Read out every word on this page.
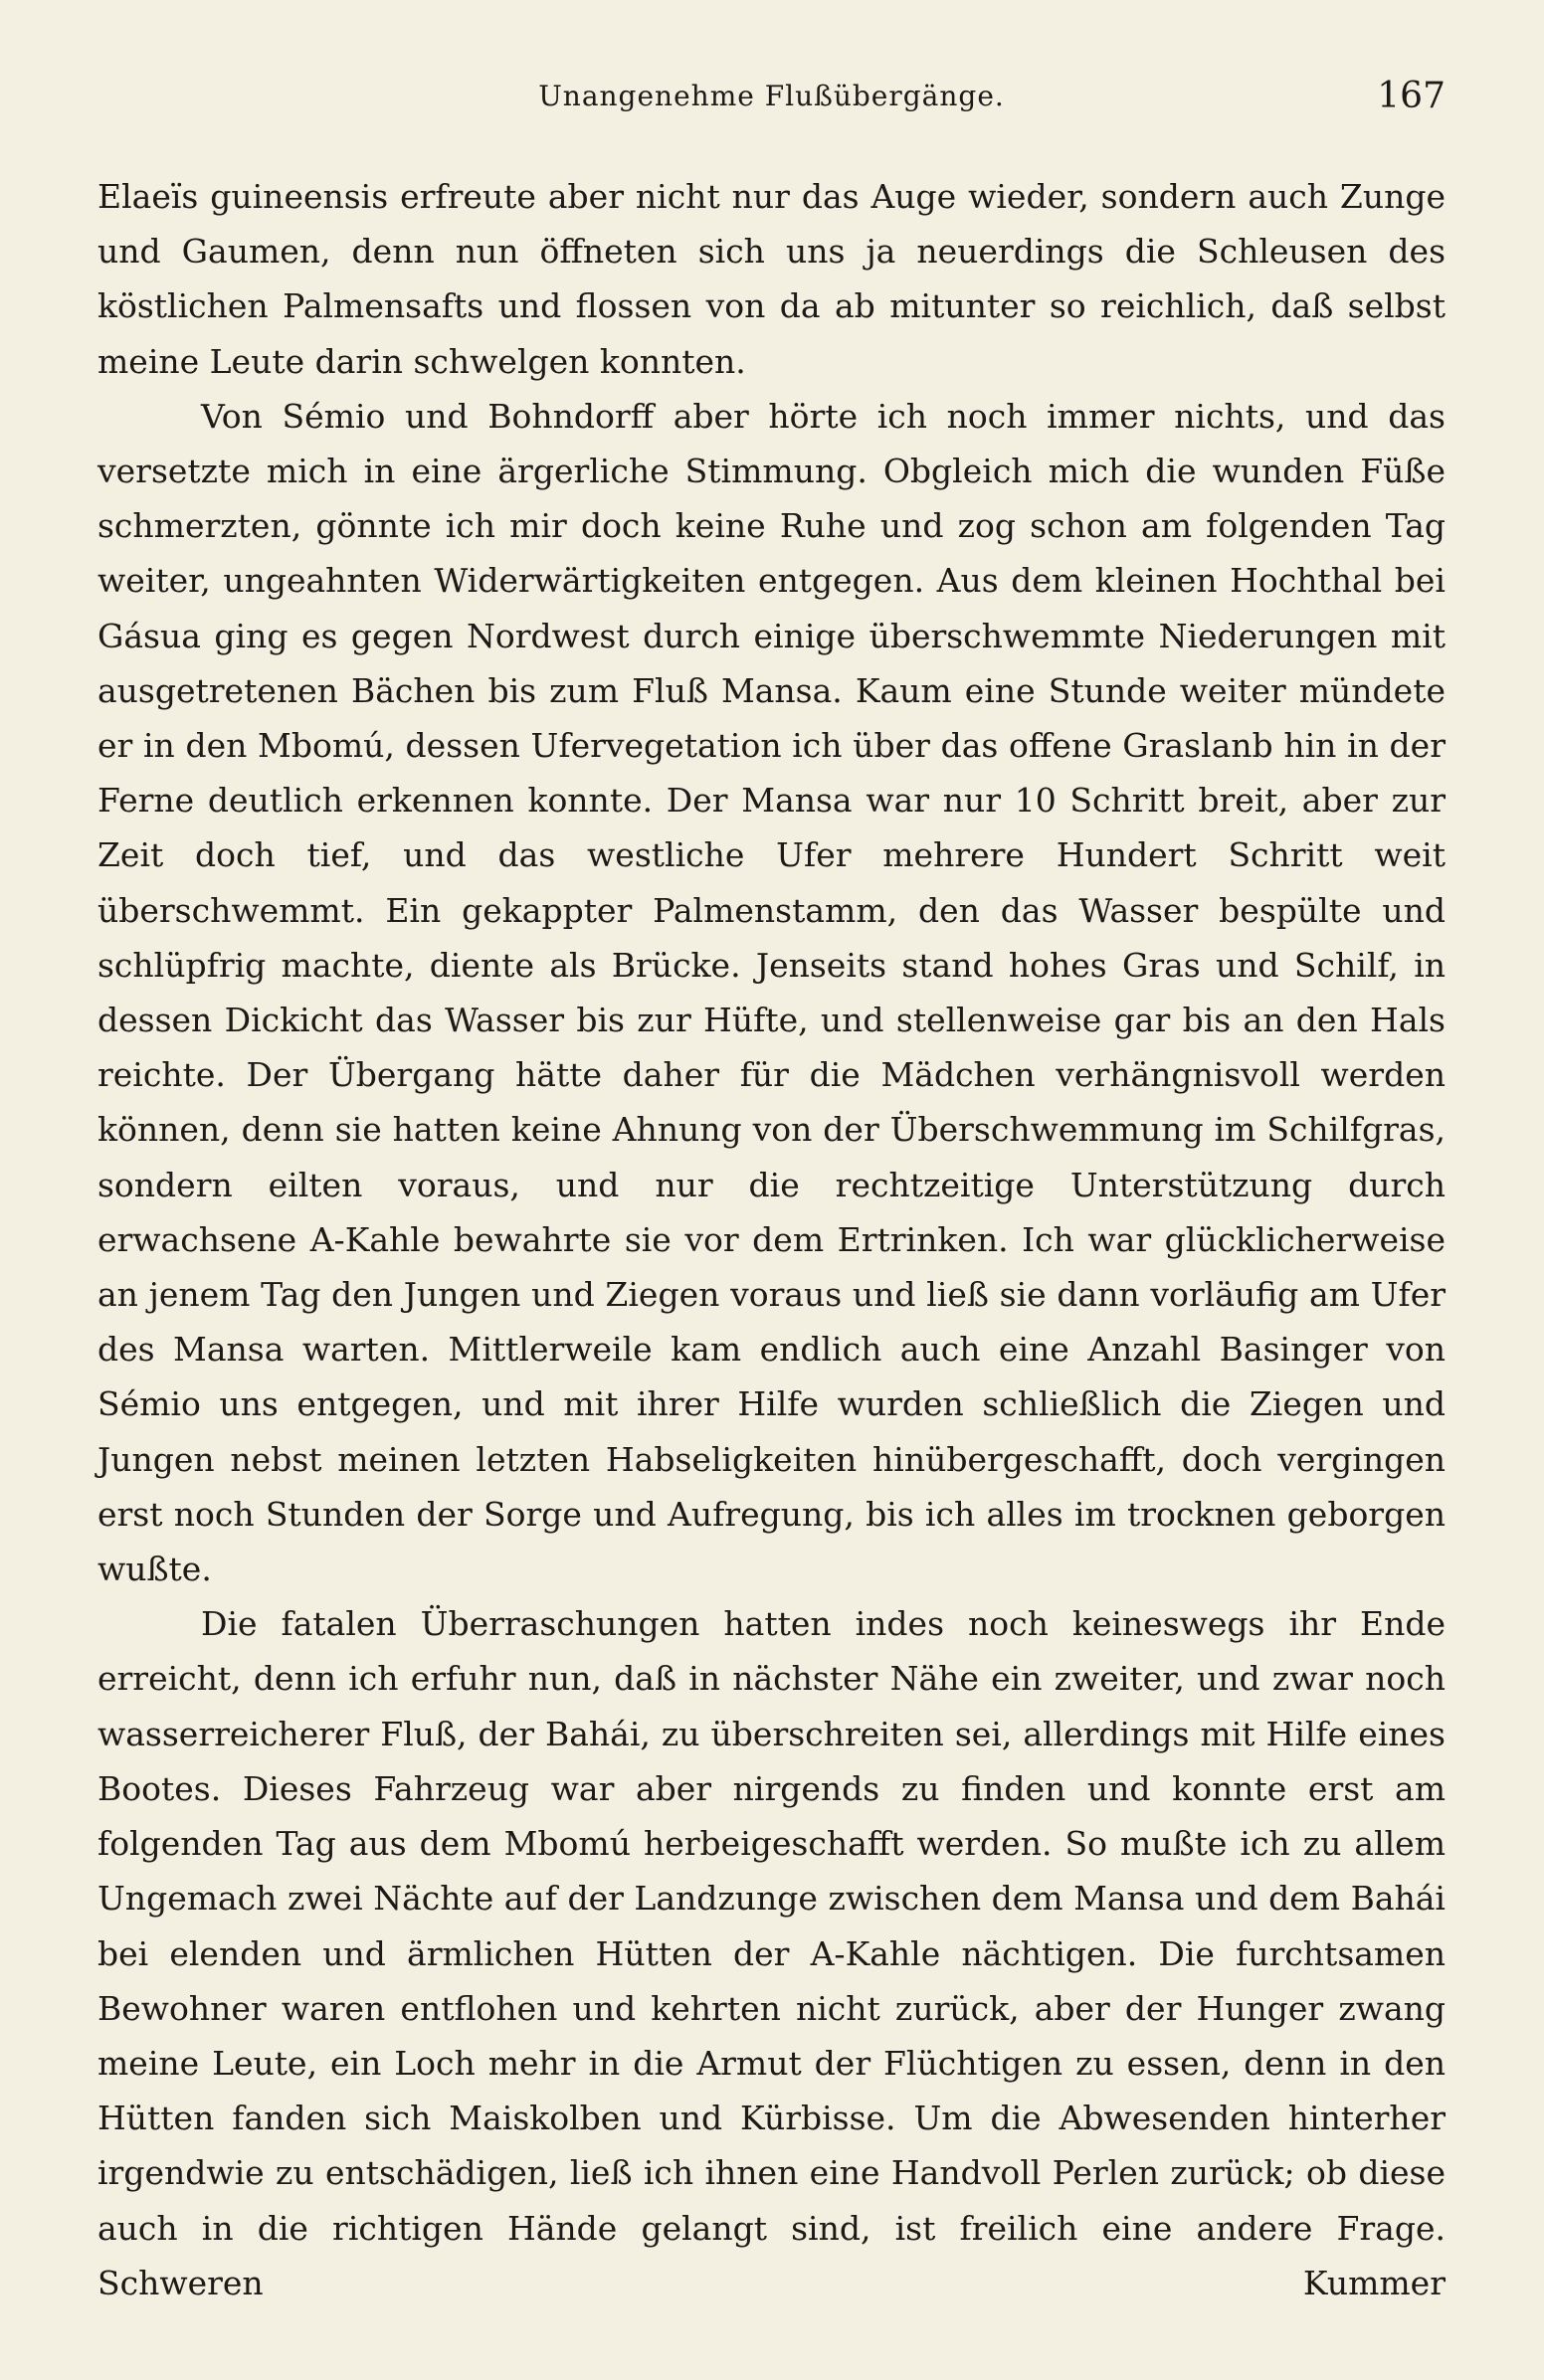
Unangenehme Flußübergänge.	167

Elaeïs guineensis erfreute aber nicht nur das Auge wieder, sondern auch Zunge und Gaumen, denn nun öffneten sich uns ja neuerdings die Schleusen des köstlichen Palmensafts und flossen von da ab mitunter so reichlich, daß selbst meine Leute darin schwelgen konnten.

Von Sémio und Bohndorff aber hörte ich noch immer nichts, und das versetzte mich in eine ärgerliche Stimmung. Obgleich mich die wunden Füße schmerzten, gönnte ich mir doch keine Ruhe und zog schon am folgenden Tag weiter, ungeahnten Widerwärtigkeiten entgegen. Aus dem kleinen Hochthal bei Gásua ging es gegen Nordwest durch einige überschwemmte Niederungen mit ausgetretenen Bächen bis zum Fluß Mansa. Kaum eine Stunde weiter mündete er in den Mbomú, dessen Ufervegetation ich über das offene Graslanb hin in der Ferne deutlich erkennen konnte. Der Mansa war nur 10 Schritt breit, aber zur Zeit doch tief, und das westliche Ufer mehrere Hundert Schritt weit überschwemmt. Ein gekappter Palmenstamm, den das Wasser bespülte und schlüpfrig machte, diente als Brücke. Jenseits stand hohes Gras und Schilf, in dessen Dickicht das Wasser bis zur Hüfte, und stellenweise gar bis an den Hals reichte. Der Übergang hätte daher für die Mädchen verhängnisvoll werden können, denn sie hatten keine Ahnung von der Überschwemmung im Schilfgras, sondern eilten voraus, und nur die rechtzeitige Unterstützung durch erwachsene A-Kahle bewahrte sie vor dem Ertrinken. Ich war glücklicherweise an jenem Tag den Jungen und Ziegen voraus und ließ sie dann vorläufig am Ufer des Mansa warten. Mittlerweile kam endlich auch eine Anzahl Basinger von Sémio uns entgegen, und mit ihrer Hilfe wurden schließlich die Ziegen und Jungen nebst meinen letzten Habseligkeiten hinübergeschafft, doch vergingen erst noch Stunden der Sorge und Aufregung, bis ich alles im trocknen geborgen wußte.

Die fatalen Überraschungen hatten indes noch keineswegs ihr Ende erreicht, denn ich erfuhr nun, daß in nächster Nähe ein zweiter, und zwar noch wasserreicherer Fluß, der Bahái, zu überschreiten sei, allerdings mit Hilfe eines Bootes. Dieses Fahrzeug war aber nirgends zu finden und konnte erst am folgenden Tag aus dem Mbomú herbeigeschafft werden. So mußte ich zu allem Ungemach zwei Nächte auf der Landzunge zwischen dem Mansa und dem Bahái bei elenden und ärmlichen Hütten der A-Kahle nächtigen. Die furchtsamen Bewohner waren entflohen und kehrten nicht zurück, aber der Hunger zwang meine Leute, ein Loch mehr in die Armut der Flüchtigen zu essen, denn in den Hütten fanden sich Maiskolben und Kürbisse. Um die Abwesenden hinterher irgendwie zu entschädigen, ließ ich ihnen eine Handvoll Perlen zurück; ob diese auch in die richtigen Hände gelangt sind, ist freilich eine andere Frage. Schweren Kummer
